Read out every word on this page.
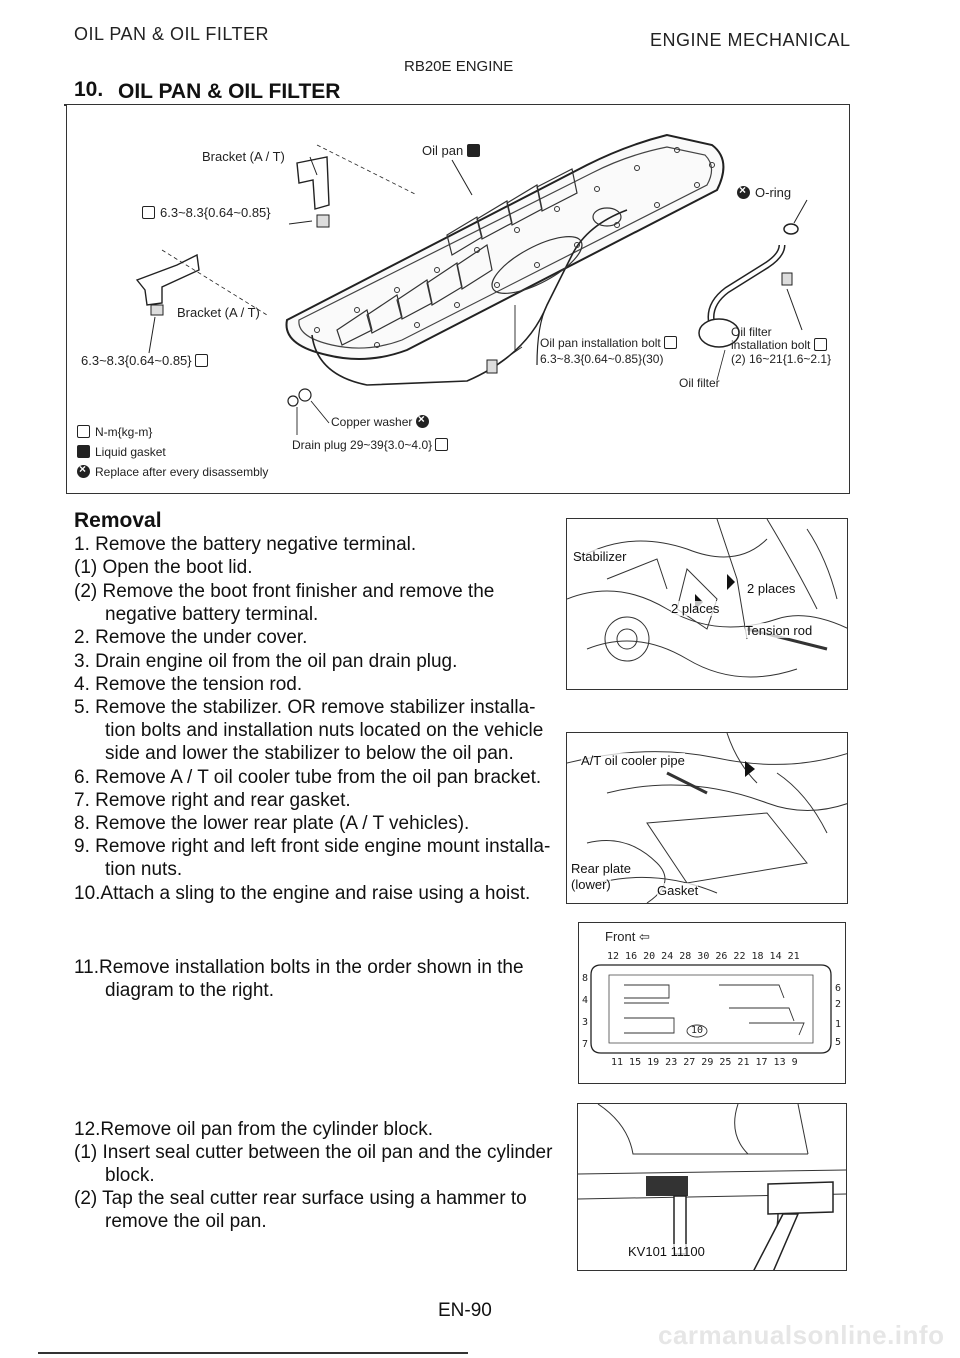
OIL PAN & OIL FILTER	ENGINE MECHANICAL
RB20E ENGINE
10. OIL PAN & OIL FILTER
Bracket (A / T)
6.3~8.3{0.64~0.85}
Bracket (A / T)
6.3~8.3{0.64~0.85}
Oil pan
×O-ring
Oil pan installation bolt
6.3~8.3{0.64~0.85}(30)
Oil filter
installation bolt
(2) 16~21{1.6~2.1}
Oil filter
Copper washer ×
Drain plug 29~39{3.0~4.0}
N-m{kg-m}
Liquid gasket
×Replace after every disassembly
Removal
1. Remove the battery negative terminal.
(1) Open the boot lid.
(2) Remove the boot front finisher and remove the
negative battery terminal.
2. Remove the under cover.
3. Drain engine oil from the oil pan drain plug.
4. Remove the tension rod.
5. Remove the stabilizer. OR remove stabilizer installa-
tion bolts and installation nuts located on the vehicle
side and lower the stabilizer to below the oil pan.
6. Remove A / T oil cooler tube from the oil pan bracket.
7. Remove right and rear gasket.
8. Remove the lower rear plate (A / T vehicles).
9. Remove right and left front side engine mount installa-
tion nuts.
10.Attach a sling to the engine and raise using a hoist.
11.Remove installation bolts in the order shown in the
diagram to the right.
12.Remove oil pan from the cylinder block.
(1) Insert seal cutter between the oil pan and the cylinder
block.
(2) Tap the seal cutter rear surface using a hammer to
remove the oil pan.
Stabilizer
2 places
2 places
Tension rod
A/T oil cooler pipe
Rear plate
(lower)	Gasket
Front ⇦
12 16 20 24 28 30 26 22 18 14 21
11 15 19 23 27 29 25 21 17 13 9
8
4
3
7
6
2
1
5
10
KV101 11100
EN-90
carmanualsonline.info
